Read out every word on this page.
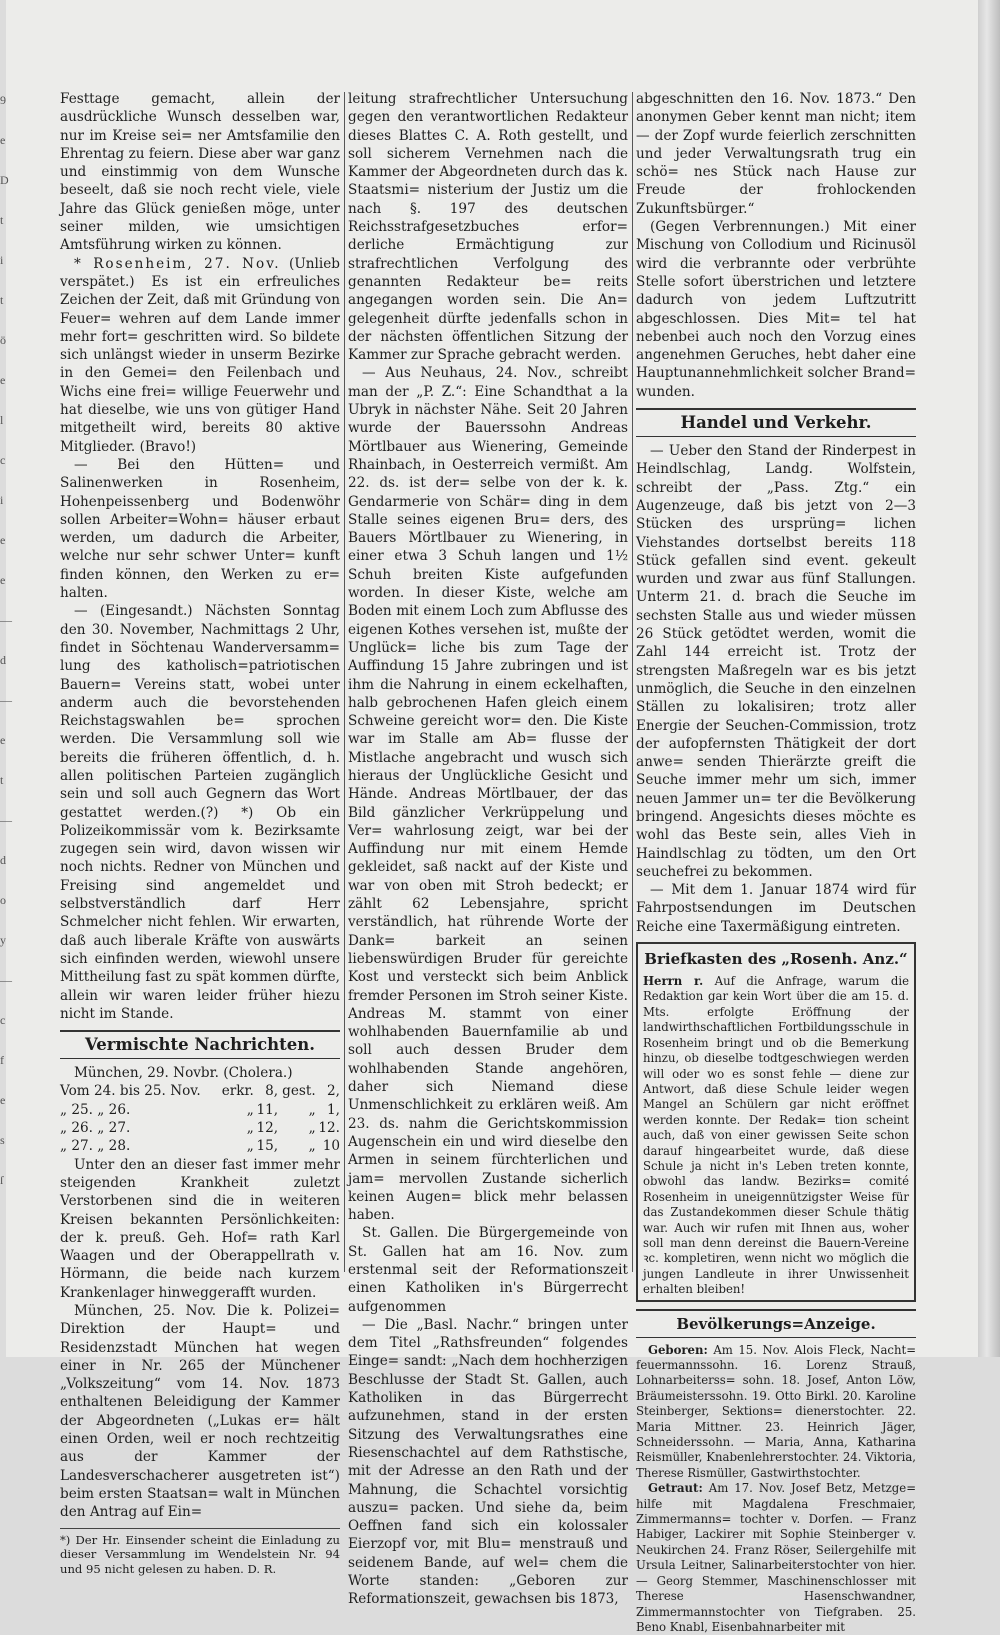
9
e
D
t
i
t
ö
e
l
c
i
e
e
—
d
—
e
t
—
d
o
y
—
c
f
e
s
ſ

Festtage gemacht, allein der ausdrückliche Wunsch desselben war, nur im Kreise sei= ner Amtsfamilie den Ehrentag zu feiern. Diese aber war ganz und einstimmig von dem Wunsche beseelt, daß sie noch recht viele, viele Jahre das Glück genießen möge, unter seiner milden, wie umsichtigen Amtsführung wirken zu können.

* Rosenheim, 27. Nov. (Unlieb verspätet.) Es ist ein erfreuliches Zeichen der Zeit, daß mit Gründung von Feuer= wehren auf dem Lande immer mehr fort= geschritten wird. So bildete sich unlängst wieder in unserm Bezirke in den Gemei= den Feilenbach und Wichs eine frei= willige Feuerwehr und hat dieselbe, wie uns von gütiger Hand mitgetheilt wird, bereits 80 aktive Mitglieder. (Bravo!)

— Bei den Hütten= und Salinenwerken in Rosenheim, Hohenpeissenberg und Bodenwöhr sollen Arbeiter=Wohn= häuser erbaut werden, um dadurch die Arbeiter, welche nur sehr schwer Unter= kunft finden können, den Werken zu er= halten.

— (Eingesandt.) Nächsten Sonntag den 30. November, Nachmittags 2 Uhr, findet in Söchtenau Wanderversamm= lung des katholisch=patriotischen Bauern= Vereins statt, wobei unter anderm auch die bevorstehenden Reichstagswahlen be= sprochen werden. Die Versammlung soll wie bereits die früheren öffentlich, d. h. allen politischen Parteien zugänglich sein und soll auch Gegnern das Wort gestattet werden.(?) *) Ob ein Polizeikommissär vom k. Bezirksamte zugegen sein wird, davon wissen wir noch nichts. Redner von München und Freising sind angemeldet und selbstverständlich darf Herr Schmelcher nicht fehlen. Wir erwarten, daß auch liberale Kräfte von auswärts sich einfinden werden, wiewohl unsere Mittheilung fast zu spät kommen dürfte, allein wir waren leider früher hiezu nicht im Stande.

Vermischte Nachrichten.

München, 29. Novbr. (Cholera.)

Vom 24. bis 25. Nov.	erkr.	8,	gest.	2,
„ 25. „ 26.	„	11,	„	1,
„ 26. „ 27.	„	12,	„	12.
„ 27. „ 28.	„	15,	„	10

Unter den an dieser fast immer mehr steigenden Krankheit zuletzt Verstorbenen sind die in weiteren Kreisen bekannten Persönlichkeiten: der k. preuß. Geh. Hof= rath Karl Waagen und der Oberappellrath v. Hörmann, die beide nach kurzem Krankenlager hinweggerafft wurden.

München, 25. Nov. Die k. Polizei= Direktion der Haupt= und Residenzstadt München hat wegen einer in Nr. 265 der Münchener „Volkszeitung“ vom 14. Nov. 1873 enthaltenen Beleidigung der Kammer der Abgeordneten („Lukas er= hält einen Orden, weil er noch rechtzeitig aus der Kammer der Landesverschacherer ausgetreten ist“) beim ersten Staatsan= walt in München den Antrag auf Ein=

*) Der Hr. Einsender scheint die Einladung zu dieser Versammlung im Wendelstein Nr. 94 und 95 nicht gelesen zu haben. D. R.

leitung strafrechtlicher Untersuchung gegen den verantwortlichen Redakteur dieses Blattes C. A. Roth gestellt, und soll sicherem Vernehmen nach die Kammer der Abgeordneten durch das k. Staatsmi= nisterium der Justiz um die nach §. 197 des deutschen Reichsstrafgesetzbuches erfor= derliche Ermächtigung zur strafrechtlichen Verfolgung des genannten Redakteur be= reits angegangen worden sein. Die An= gelegenheit dürfte jedenfalls schon in der nächsten öffentlichen Sitzung der Kammer zur Sprache gebracht werden.

— Aus Neuhaus, 24. Nov., schreibt man der „P. Z.“: Eine Schandthat a la Ubryk in nächster Nähe. Seit 20 Jahren wurde der Bauerssohn Andreas Mörtlbauer aus Wienering, Gemeinde Rhainbach, in Oesterreich vermißt. Am 22. ds. ist der= selbe von der k. k. Gendarmerie von Schär= ding in dem Stalle seines eigenen Bru= ders, des Bauers Mörtlbauer zu Wienering, in einer etwa 3 Schuh langen und 1½ Schuh breiten Kiste aufgefunden worden. In dieser Kiste, welche am Boden mit einem Loch zum Abflusse des eigenen Kothes versehen ist, mußte der Unglück= liche bis zum Tage der Auffindung 15 Jahre zubringen und ist ihm die Nahrung in einem eckelhaften, halb gebrochenen Hafen gleich einem Schweine gereicht wor= den. Die Kiste war im Stalle am Ab= flusse der Mistlache angebracht und wusch sich hieraus der Unglückliche Gesicht und Hände. Andreas Mörtlbauer, der das Bild gänzlicher Verkrüppelung und Ver= wahrlosung zeigt, war bei der Auffindung nur mit einem Hemde gekleidet, saß nackt auf der Kiste und war von oben mit Stroh bedeckt; er zählt 62 Lebensjahre, spricht verständlich, hat rührende Worte der Dank= barkeit an seinen liebenswürdigen Bruder für gereichte Kost und versteckt sich beim Anblick fremder Personen im Stroh seiner Kiste. Andreas M. stammt von einer wohlhabenden Bauernfamilie ab und soll auch dessen Bruder dem wohlhabenden Stande angehören, daher sich Niemand diese Unmenschlichkeit zu erklären weiß. Am 23. ds. nahm die Gerichtskommission Augenschein ein und wird dieselbe den Armen in seinem fürchterlichen und jam= mervollen Zustande sicherlich keinen Augen= blick mehr belassen haben.

St. Gallen. Die Bürgergemeinde von St. Gallen hat am 16. Nov. zum erstenmal seit der Reformationszeit einen Katholiken in's Bürgerrecht aufgenommen

— Die „Basl. Nachr.“ bringen unter dem Titel „Rathsfreunden“ folgendes Einge= sandt: „Nach dem hochherzigen Beschlusse der Stadt St. Gallen, auch Katholiken in das Bürgerrecht aufzunehmen, stand in der ersten Sitzung des Verwaltungsrathes eine Riesenschachtel auf dem Rathstische, mit der Adresse an den Rath und der Mahnung, die Schachtel vorsichtig auszu= packen. Und siehe da, beim Oeffnen fand sich ein kolossaler Eierzopf vor, mit Blu= menstrauß und seidenem Bande, auf wel= chem die Worte standen: „Geboren zur Reformationszeit, gewachsen bis 1873,

abgeschnitten den 16. Nov. 1873.“ Den anonymen Geber kennt man nicht; item — der Zopf wurde feierlich zerschnitten und jeder Verwaltungsrath trug ein schö= nes Stück nach Hause zur Freude der frohlockenden Zukunftsbürger.“

(Gegen Verbrennungen.) Mit einer Mischung von Collodium und Ricinusöl wird die verbrannte oder verbrühte Stelle sofort überstrichen und letztere dadurch von jedem Luftzutritt abgeschlossen. Dies Mit= tel hat nebenbei auch noch den Vorzug eines angenehmen Geruches, hebt daher eine Hauptunannehmlichkeit solcher Brand= wunden.

Handel und Verkehr.

— Ueber den Stand der Rinderpest in Heindlschlag, Landg. Wolfstein, schreibt der „Pass. Ztg.“ ein Augenzeuge, daß bis jetzt von 2—3 Stücken des ursprüng= lichen Viehstandes dortselbst bereits 118 Stück gefallen sind event. gekeult wurden und zwar aus fünf Stallungen. Unterm 21. d. brach die Seuche im sechsten Stalle aus und wieder müssen 26 Stück getödtet werden, womit die Zahl 144 erreicht ist. Trotz der strengsten Maßregeln war es bis jetzt unmöglich, die Seuche in den einzelnen Ställen zu lokalisiren; trotz aller Energie der Seuchen-Commission, trotz der aufopfernsten Thätigkeit der dort anwe= senden Thierärzte greift die Seuche immer mehr um sich, immer neuen Jammer un= ter die Bevölkerung bringend. Angesichts dieses möchte es wohl das Beste sein, alles Vieh in Haindlschlag zu tödten, um den Ort seuchefrei zu bekommen.

— Mit dem 1. Januar 1874 wird für Fahrpostsendungen im Deutschen Reiche eine Taxermäßigung eintreten.

Briefkasten des „Rosenh. Anz.“
Herrn r. Auf die Anfrage, warum die Redaktion gar kein Wort über die am 15. d. Mts. erfolgte Eröffnung der landwirthschaftlichen Fortbildungsschule in Rosenheim bringt und ob die Bemerkung hinzu, ob dieselbe todtgeschwiegen werden will oder wo es sonst fehle — diene zur Antwort, daß diese Schule leider wegen Mangel an Schülern gar nicht eröffnet werden konnte. Der Redak= tion scheint auch, daß von einer gewissen Seite schon darauf hingearbeitet wurde, daß diese Schule ja nicht in's Leben treten konnte, obwohl das landw. Bezirks= comité Rosenheim in uneigennützigster Weise für das Zustandekommen dieser Schule thätig war. Auch wir rufen mit Ihnen aus, woher soll man denn dereinst die Bauern-Vereine ꝛc. kompletiren, wenn nicht wo möglich die jungen Landleute in ihrer Unwissenheit erhalten bleiben!
Bevölkerungs=Anzeige.
Geboren: Am 15. Nov. Alois Fleck, Nacht= feuermannssohn. 16. Lorenz Strauß, Lohnarbeiterss= sohn. 18. Josef, Anton Löw, Bräumeisterssohn. 19. Otto Birkl. 20. Karoline Steinberger, Sektions= dienerstochter. 22. Maria Mittner. 23. Heinrich Jäger, Schneiderssohn. — Maria, Anna, Katharina Reismüller, Knabenlehrerstochter. 24. Viktoria, Therese Rismüller, Gastwirthstochter.
Getraut: Am 17. Nov. Josef Betz, Metzge= hilfe mit Magdalena Freschmaier, Zimmermanns= tochter v. Dorfen. — Franz Habiger, Lackirer mit Sophie Steinberger v. Neukirchen 24. Franz Röser, Seilergehilfe mit Ursula Leitner, Salinarbeiterstochter von hier. — Georg Stemmer, Maschinenschlosser mit Therese Hasenschwandner, Zimmermannstochter von Tiefgraben. 25. Beno Knabl, Eisenbahnarbeiter mit
